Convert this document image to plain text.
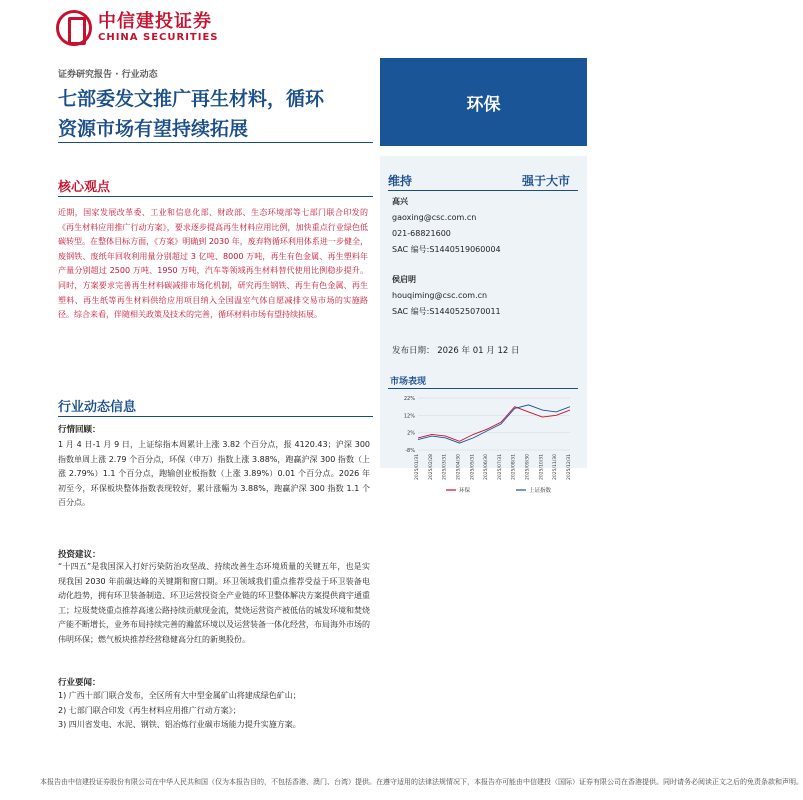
中信建投证券
CHINA SECURITIES
证券研究报告 · 行业动态
七部委发文推广再生材料，循环
资源市场有望持续拓展
环保
维持	强于大市
高兴
gaoxing@csc.com.cn
021-68821600
SAC 编号:S1440519060004
侯启明
houqiming@csc.com.cn
SAC 编号:S1440525070011
发布日期： 2026 年 01 月 12 日
市场表现
22%
12%
2%
-8%
2025/01/31 2025/02/28 2025/03/31 2025/04/30 2025/05/31 2025/06/30 2025/07/31 2025/08/31 2025/09/30 2025/10/31 2025/11/30 2025/12/31
环保	上证指数
核心观点
近期，国家发展改革委、工业和信息化部、财政部、生态环境部等七部门联合印发的《再生材料应用推广行动方案》，要求逐步提高再生材料应用比例，加快重点行业绿色低碳转型。在整体目标方面，《方案》明确到 2030 年，废弃物循环利用体系进一步健全，废钢铁、废纸年回收利用量分别超过 3 亿吨、8000 万吨，再生有色金属、再生塑料年产量分别超过 2500 万吨、1950 万吨，汽车等领域再生材料替代使用比例稳步提升。同时，方案要求完善再生材料碳减排市场化机制，研究再生钢铁、再生有色金属、再生塑料、再生纸等再生材料供给应用项目纳入全国温室气体自愿减排交易市场的实施路径。综合来看，伴随相关政策及技术的完善，循环材料市场有望持续拓展。
行业动态信息
行情回顾：
1 月 4 日-1 月 9 日，上证综指本周累计上涨 3.82 个百分点，报 4120.43；沪深 300 指数单周上涨 2.79 个百分点，环保（申万）指数上涨 3.88%，跑赢沪深 300 指数（上涨 2.79%）1.1 个百分点，跑输创业板指数（上涨 3.89%）0.01 个百分点。2026 年初至今，环保板块整体指数表现较好，累计涨幅为 3.88%，跑赢沪深 300 指数 1.1 个百分点。
投资建议：
“十四五”是我国深入打好污染防治攻坚战、持续改善生态环境质量的关键五年，也是实现我国 2030 年前碳达峰的关键期和窗口期。环卫领域我们重点推荐受益于环卫装备电动化趋势，拥有环卫装备制造、环卫运营投资全产业链的环卫整体解决方案提供商宇通重工；垃圾焚烧重点推荐高速公路持续贡献现金流，焚烧运营资产被低估的城发环境和焚烧产能不断增长，业务布局持续完善的瀚蓝环境以及运营装备一体化经营，布局海外市场的伟明环保；燃气板块推荐经营稳健高分红的新奥股份。
行业要闻：
1) 广西十部门联合发布，全区所有大中型金属矿山将建成绿色矿山；
2) 七部门联合印发《再生材料应用推广行动方案》；
3) 四川省发电、水泥、钢铁、铝冶炼行业碳市场能力提升实施方案。
本报告由中信建投证券股份有限公司在中华人民共和国（仅为本报告目的，不包括香港、澳门、台湾）提供。在遵守适用的法律法规情况下，本报告亦可能由中信建投（国际）证券有限公司在香港提供。同时请务必阅读正文之后的免责条款和声明。
